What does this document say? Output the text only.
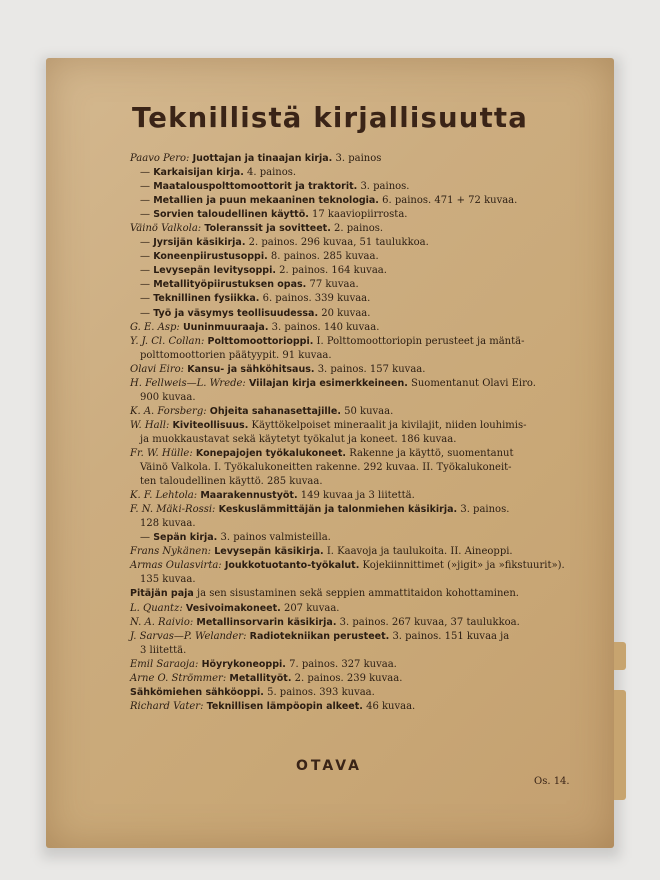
Teknillistä kirjallisuutta
Paavo Pero: Juottajan ja tinaajan kirja. 3. painos
— Karkaisijan kirja. 4. painos.
— Maatalouspolttomoottorit ja traktorit. 3. painos.
— Metallien ja puun mekaaninen teknologia. 6. painos. 471 + 72 kuvaa.
— Sorvien taloudellinen käyttö. 17 kaaviopiirrosta.
Väinö Valkola: Toleranssit ja sovitteet. 2. painos.
— Jyrsijän käsikirja. 2. painos. 296 kuvaa, 51 taulukkoa.
— Koneenpiirustusoppi. 8. painos. 285 kuvaa.
— Levysepän levitysoppi. 2. painos. 164 kuvaa.
— Metallityöpiirustuksen opas. 77 kuvaa.
— Teknillinen fysiikka. 6. painos. 339 kuvaa.
— Työ ja väsymys teollisuudessa. 20 kuvaa.
G. E. Asp: Uuninmuuraaja. 3. painos. 140 kuvaa.
Y. J. Cl. Collan: Polttomoottorioppi. I. Polttomoottoriopin perusteet ja mäntä-
polttomoottorien päätyypit. 91 kuvaa.
Olavi Eiro: Kansu- ja sähköhitsaus. 3. painos. 157 kuvaa.
H. Fellweis—L. Wrede: Viilajan kirja esimerkkeineen. Suomentanut Olavi Eiro.
900 kuvaa.
K. A. Forsberg: Ohjeita sahanasettajille. 50 kuvaa.
W. Hall: Kiviteollisuus. Käyttökelpoiset mineraalit ja kivilajit, niiden louhimis-
ja muokkaustavat sekä käytetyt työkalut ja koneet. 186 kuvaa.
Fr. W. Hülle: Konepajojen työkalukoneet. Rakenne ja käyttö, suomentanut
Väinö Valkola. I. Työkalukoneitten rakenne. 292 kuvaa. II. Työkalukoneit-
ten taloudellinen käyttö. 285 kuvaa.
K. F. Lehtola: Maarakennustyöt. 149 kuvaa ja 3 liitettä.
F. N. Mäki-Rossi: Keskuslämmittäjän ja talonmiehen käsikirja. 3. painos.
128 kuvaa.
— Sepän kirja. 3. painos valmisteilla.
Frans Nykänen: Levysepän käsikirja. I. Kaavoja ja taulukoita. II. Aineoppi.
Armas Oulasvirta: Joukkotuotanto-työkalut. Kojekiinnittimet (»jigit» ja »fikstuurit»).
135 kuvaa.
Pitäjän paja ja sen sisustaminen sekä seppien ammattitaidon kohottaminen.
L. Quantz: Vesivoimakoneet. 207 kuvaa.
N. A. Raivio: Metallinsorvarin käsikirja. 3. painos. 267 kuvaa, 37 taulukkoa.
J. Sarvas—P. Welander: Radiotekniikan perusteet. 3. painos. 151 kuvaa ja
3 liitettä.
Emil Saraoja: Höyrykoneoppi. 7. painos. 327 kuvaa.
Arne O. Strömmer: Metallityöt. 2. painos. 239 kuvaa.
Sähkömiehen sähköoppi. 5. painos. 393 kuvaa.
Richard Vater: Teknillisen lämpöopin alkeet. 46 kuvaa.
OTAVA
Os. 14.
